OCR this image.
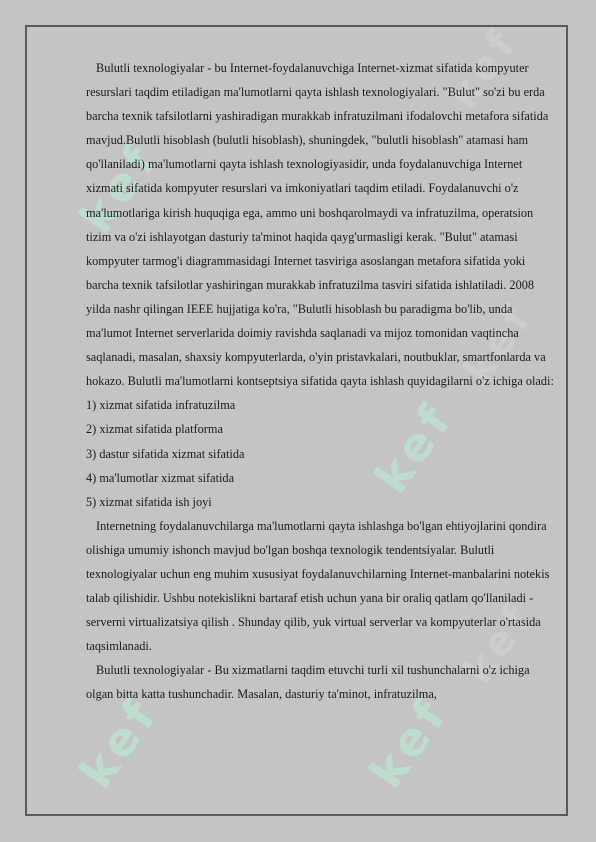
kef
kef
kef	kef
kef
kef
kef

Bulutli texnologiyalar - bu Internet-foydalanuvchiga Internet-xizmat sifatida kompyuter resurslari taqdim etiladigan ma'lumotlarni qayta ishlash texnologiyalari. "Bulut" so'zi bu erda barcha texnik tafsilotlarni yashiradigan murakkab infratuzilmani ifodalovchi metafora sifatida mavjud.Bulutli hisoblash (bulutli hisoblash), shuningdek, "bulutli hisoblash" atamasi ham qo'llaniladi) ma'lumotlarni qayta ishlash texnologiyasidir, unda foydalanuvchiga Internet xizmati sifatida kompyuter resurslari va imkoniyatlari taqdim etiladi. Foydalanuvchi o'z ma'lumotlariga kirish huquqiga ega, ammo uni boshqarolmaydi va infratuzilma, operatsion tizim va o'zi ishlayotgan dasturiy ta'minot haqida qayg'urmasligi kerak. "Bulut" atamasi kompyuter tarmog'i diagrammasidagi Internet tasviriga asoslangan metafora sifatida yoki barcha texnik tafsilotlar yashiringan murakkab infratuzilma tasviri sifatida ishlatiladi. 2008 yilda nashr qilingan IEEE hujjatiga ko'ra, "Bulutli hisoblash bu paradigma bo'lib, unda ma'lumot Internet serverlarida doimiy ravishda saqlanadi va mijoz tomonidan vaqtincha saqlanadi, masalan, shaxsiy kompyuterlarda, o'yin pristavkalari, noutbuklar, smartfonlarda va hokazo. Bulutli ma'lumotlarni kontseptsiya sifatida qayta ishlash quyidagilarni o'z ichiga oladi:

1) xizmat sifatida infratuzilma

2) xizmat sifatida platforma

3) dastur sifatida xizmat sifatida

4) ma'lumotlar xizmat sifatida

5) xizmat sifatida ish joyi

Internetning foydalanuvchilarga ma'lumotlarni qayta ishlashga bo'lgan ehtiyojlarini qondira olishiga umumiy ishonch mavjud bo'lgan boshqa texnologik tendentsiyalar. Bulutli texnologiyalar uchun eng muhim xususiyat foydalanuvchilarning Internet-manbalarini notekis talab qilishidir. Ushbu notekislikni bartaraf etish uchun yana bir oraliq qatlam qo'llaniladi - serverni virtualizatsiya qilish . Shunday qilib, yuk virtual serverlar va kompyuterlar o'rtasida taqsimlanadi.

Bulutli texnologiyalar - Bu xizmatlarni taqdim etuvchi turli xil tushunchalarni o'z ichiga olgan bitta katta tushunchadir. Masalan, dasturiy ta'minot, infratuzilma,
